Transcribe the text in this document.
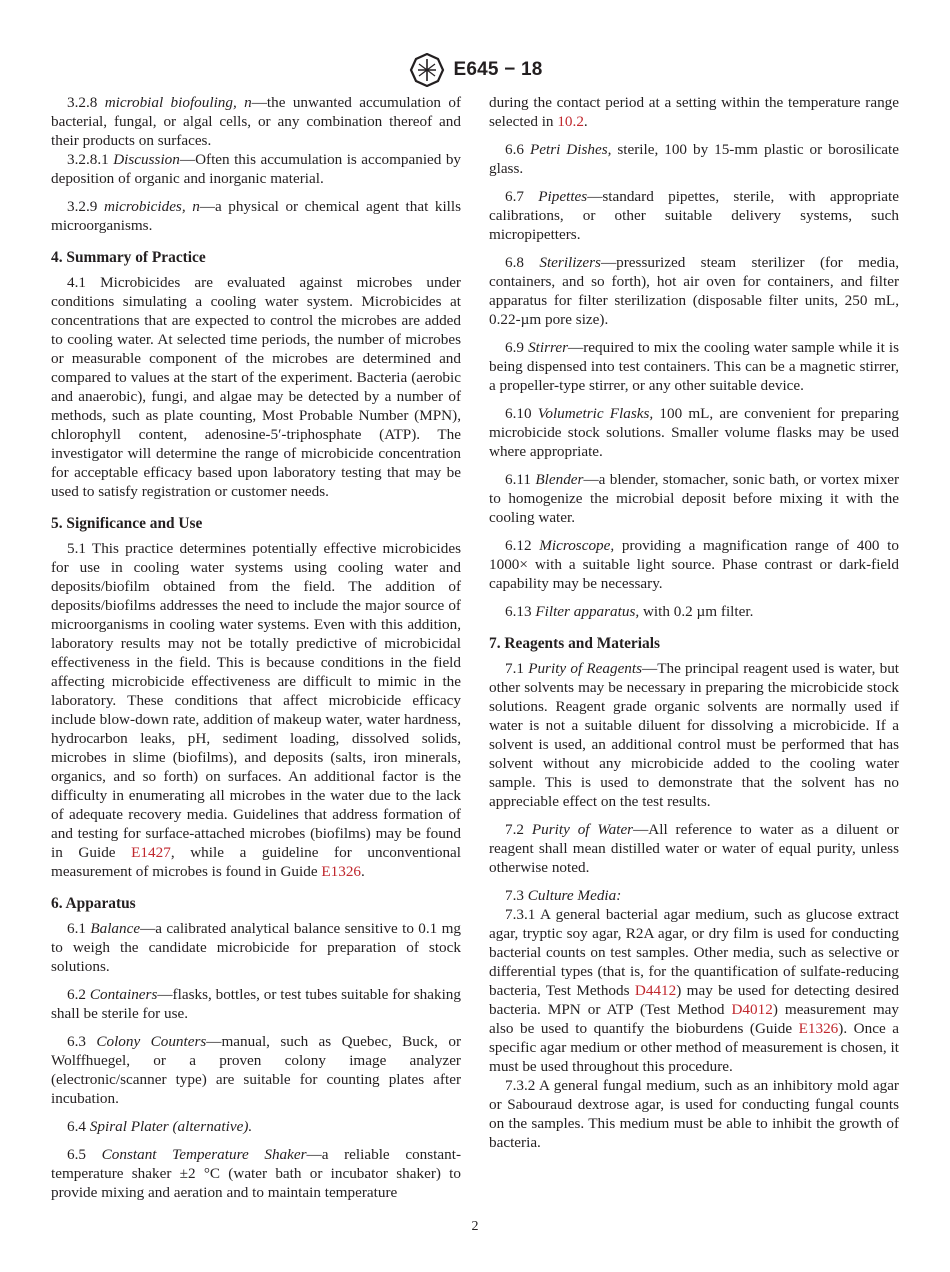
E645 − 18

3.2.8 microbial biofouling, n—the unwanted accumulation of bacterial, fungal, or algal cells, or any combination thereof and their products on surfaces.

3.2.8.1 Discussion—Often this accumulation is accompanied by deposition of organic and inorganic material.

3.2.9 microbicides, n—a physical or chemical agent that kills microorganisms.

4. Summary of Practice

4.1 Microbicides are evaluated against microbes under conditions simulating a cooling water system. Microbicides at concentrations that are expected to control the microbes are added to cooling water. At selected time periods, the number of microbes or measurable component of the microbes are determined and compared to values at the start of the experiment. Bacteria (aerobic and anaerobic), fungi, and algae may be detected by a number of methods, such as plate counting, Most Probable Number (MPN), chlorophyll content, adenosine-5′-triphosphate (ATP). The investigator will determine the range of microbicide concentration for acceptable efficacy based upon laboratory testing that may be used to satisfy registration or customer needs.

5. Significance and Use

5.1 This practice determines potentially effective microbicides for use in cooling water systems using cooling water and deposits/biofilm obtained from the field. The addition of deposits/biofilms addresses the need to include the major source of microorganisms in cooling water systems. Even with this addition, laboratory results may not be totally predictive of microbicidal effectiveness in the field. This is because conditions in the field affecting microbicide effectiveness are difficult to mimic in the laboratory. These conditions that affect microbicide efficacy include blow-down rate, addition of makeup water, water hardness, hydrocarbon leaks, pH, sediment loading, dissolved solids, microbes in slime (biofilms), and deposits (salts, iron minerals, organics, and so forth) on surfaces. An additional factor is the difficulty in enumerating all microbes in the water due to the lack of adequate recovery media. Guidelines that address formation of and testing for surface-attached microbes (biofilms) may be found in Guide E1427, while a guideline for unconventional measurement of microbes is found in Guide E1326.

6. Apparatus

6.1 Balance—a calibrated analytical balance sensitive to 0.1 mg to weigh the candidate microbicide for preparation of stock solutions.

6.2 Containers—flasks, bottles, or test tubes suitable for shaking shall be sterile for use.

6.3 Colony Counters—manual, such as Quebec, Buck, or Wolffhuegel, or a proven colony image analyzer (electronic/scanner type) are suitable for counting plates after incubation.

6.4 Spiral Plater (alternative).

6.5 Constant Temperature Shaker—a reliable constant-temperature shaker ±2 °C (water bath or incubator shaker) to provide mixing and aeration and to maintain temperature

during the contact period at a setting within the temperature range selected in 10.2.

6.6 Petri Dishes, sterile, 100 by 15-mm plastic or borosilicate glass.

6.7 Pipettes—standard pipettes, sterile, with appropriate calibrations, or other suitable delivery systems, such micropipetters.

6.8 Sterilizers—pressurized steam sterilizer (for media, containers, and so forth), hot air oven for containers, and filter apparatus for filter sterilization (disposable filter units, 250 mL, 0.22-µm pore size).

6.9 Stirrer—required to mix the cooling water sample while it is being dispensed into test containers. This can be a magnetic stirrer, a propeller-type stirrer, or any other suitable device.

6.10 Volumetric Flasks, 100 mL, are convenient for preparing microbicide stock solutions. Smaller volume flasks may be used where appropriate.

6.11 Blender—a blender, stomacher, sonic bath, or vortex mixer to homogenize the microbial deposit before mixing it with the cooling water.

6.12 Microscope, providing a magnification range of 400 to 1000× with a suitable light source. Phase contrast or dark-field capability may be necessary.

6.13 Filter apparatus, with 0.2 µm filter.

7. Reagents and Materials

7.1 Purity of Reagents—The principal reagent used is water, but other solvents may be necessary in preparing the microbicide stock solutions. Reagent grade organic solvents are normally used if water is not a suitable diluent for dissolving a microbicide. If a solvent is used, an additional control must be performed that has solvent without any microbicide added to the cooling water sample. This is used to demonstrate that the solvent has no appreciable effect on the test results.

7.2 Purity of Water—All reference to water as a diluent or reagent shall mean distilled water or water of equal purity, unless otherwise noted.

7.3 Culture Media:

7.3.1 A general bacterial agar medium, such as glucose extract agar, tryptic soy agar, R2A agar, or dry film is used for conducting bacterial counts on test samples. Other media, such as selective or differential types (that is, for the quantification of sulfate-reducing bacteria, Test Methods D4412) may be used for detecting desired bacteria. MPN or ATP (Test Method D4012) measurement may also be used to quantify the bioburdens (Guide E1326). Once a specific agar medium or other method of measurement is chosen, it must be used throughout this procedure.

7.3.2 A general fungal medium, such as an inhibitory mold agar or Sabouraud dextrose agar, is used for conducting fungal counts on the samples. This medium must be able to inhibit the growth of bacteria.

2
